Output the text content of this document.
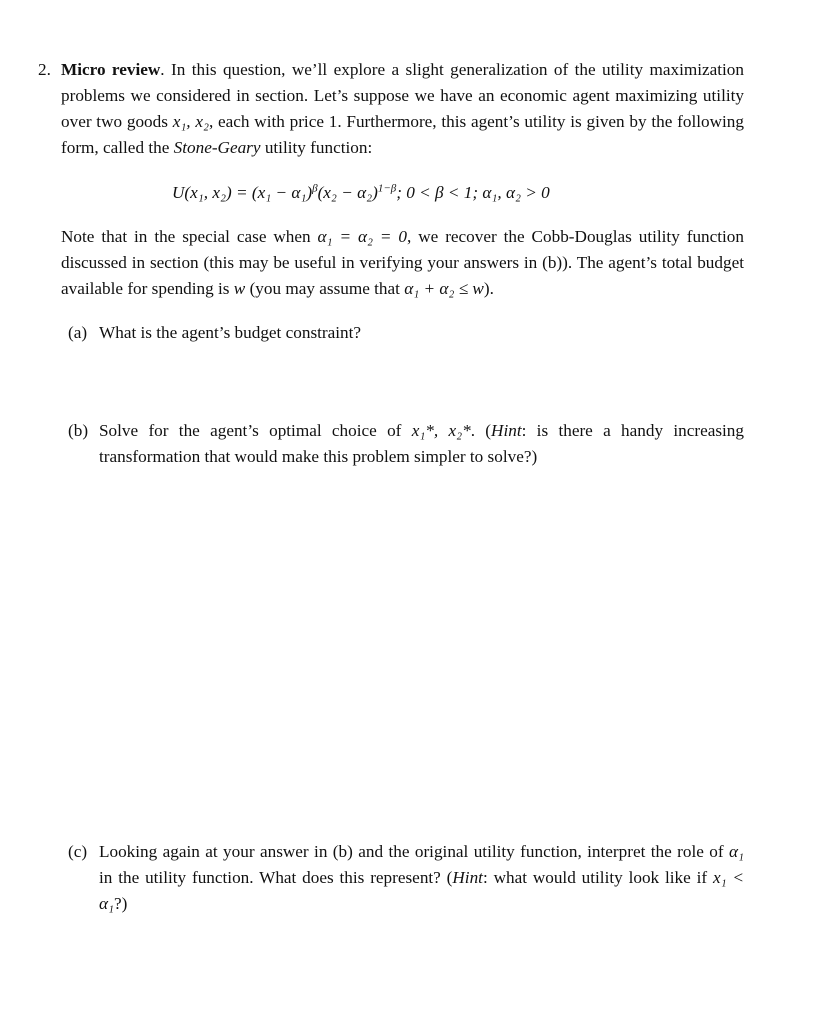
2. Micro review. In this question, we’ll explore a slight generalization of the utility maximization problems we considered in section. Let’s suppose we have an economic agent maximizing utility over two goods x₁, x₂, each with price 1. Furthermore, this agent’s utility is given by the following form, called the Stone-Geary utility function:
U(x₁, $x_2) = (x_1 - \alpha_1)^\beta(x_2 - \alpha_2)^{1-\beta}$; 0 < β < 1; α₁, α₂ > 0
Note that in the special case when α₁ = α₂ = 0, we recover the Cobb-Douglas utility function discussed in section (this may be useful in verifying your answers in (b)). The agent’s total budget available for spending is w (you may assume that α₁ + α₂ ≤ w).
(a) What is the agent’s budget constraint?
(b) Solve for the agent’s optimal choice of x₁*, x₂*. (Hint: is there a handy increasing transformation that would make this problem simpler to solve?)
(c) Looking again at your answer in (b) and the original utility function, interpret the role of α₁ in the utility function. What does this represent? (Hint: what would utility look like if x₁ < α₁?)
